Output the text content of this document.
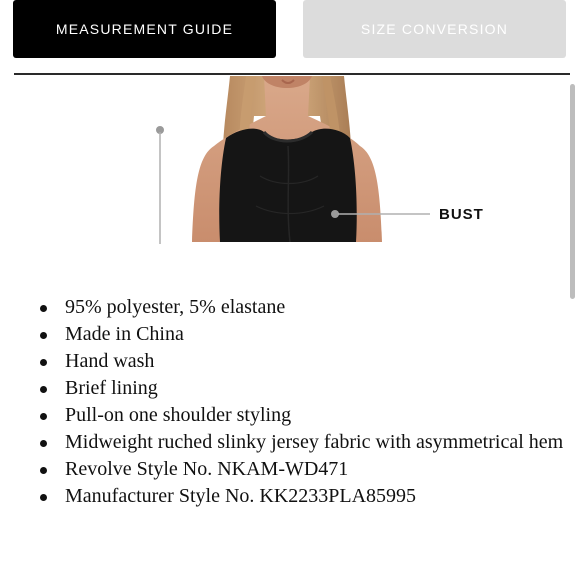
MEASUREMENT GUIDE	SIZE CONVERSION
BUST
95% polyester, 5% elastane
Made in China
Hand wash
Brief lining
Pull-on one shoulder styling
Midweight ruched slinky jersey fabric with asymmetrical hem
Revolve Style No. NKAM-WD471
Manufacturer Style No. KK2233PLA85995
